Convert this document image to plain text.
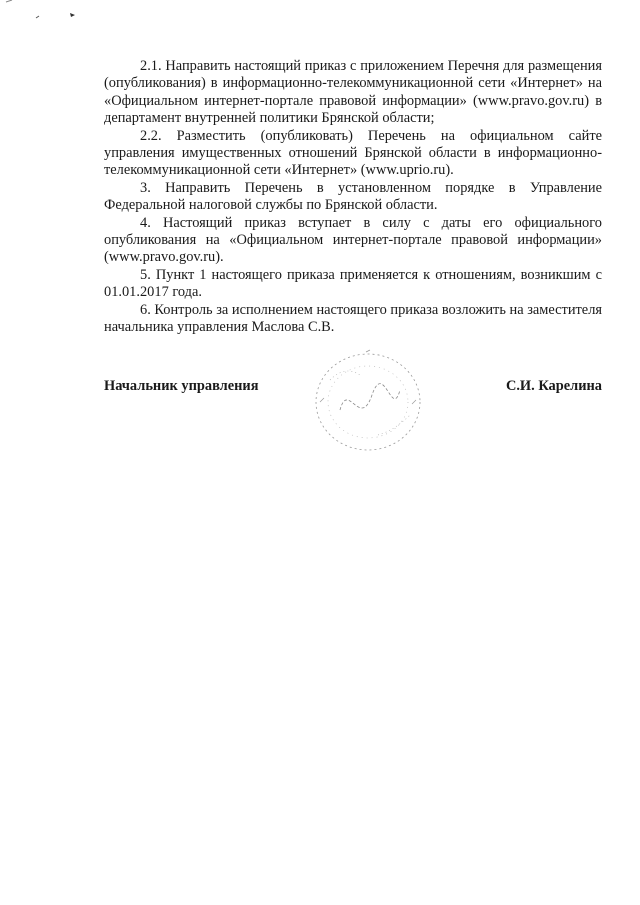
2.1. Направить настоящий приказ с приложением Перечня для размещения (опубликования) в информационно-телекоммуникационной сети «Интернет» на «Официальном интернет-портале правовой информации» (www.pravo.gov.ru) в департамент внутренней политики Брянской области;

2.2. Разместить (опубликовать) Перечень на официальном сайте управления имущественных отношений Брянской области в информационно-телекоммуникационной сети «Интернет» (www.uprio.ru).

3. Направить Перечень в установленном порядке в Управление Федеральной налоговой службы по Брянской области.

4. Настоящий приказ вступает в силу с даты его официального опубликования на «Официальном интернет-портале правовой информации» (www.pravo.gov.ru).

5. Пункт 1 настоящего приказа применяется к отношениям, возникшим с 01.01.2017 года.

6. Контроль за исполнением настоящего приказа возложить на заместителя начальника управления Маслова С.В.

Начальник управления	С.И. Карелина
